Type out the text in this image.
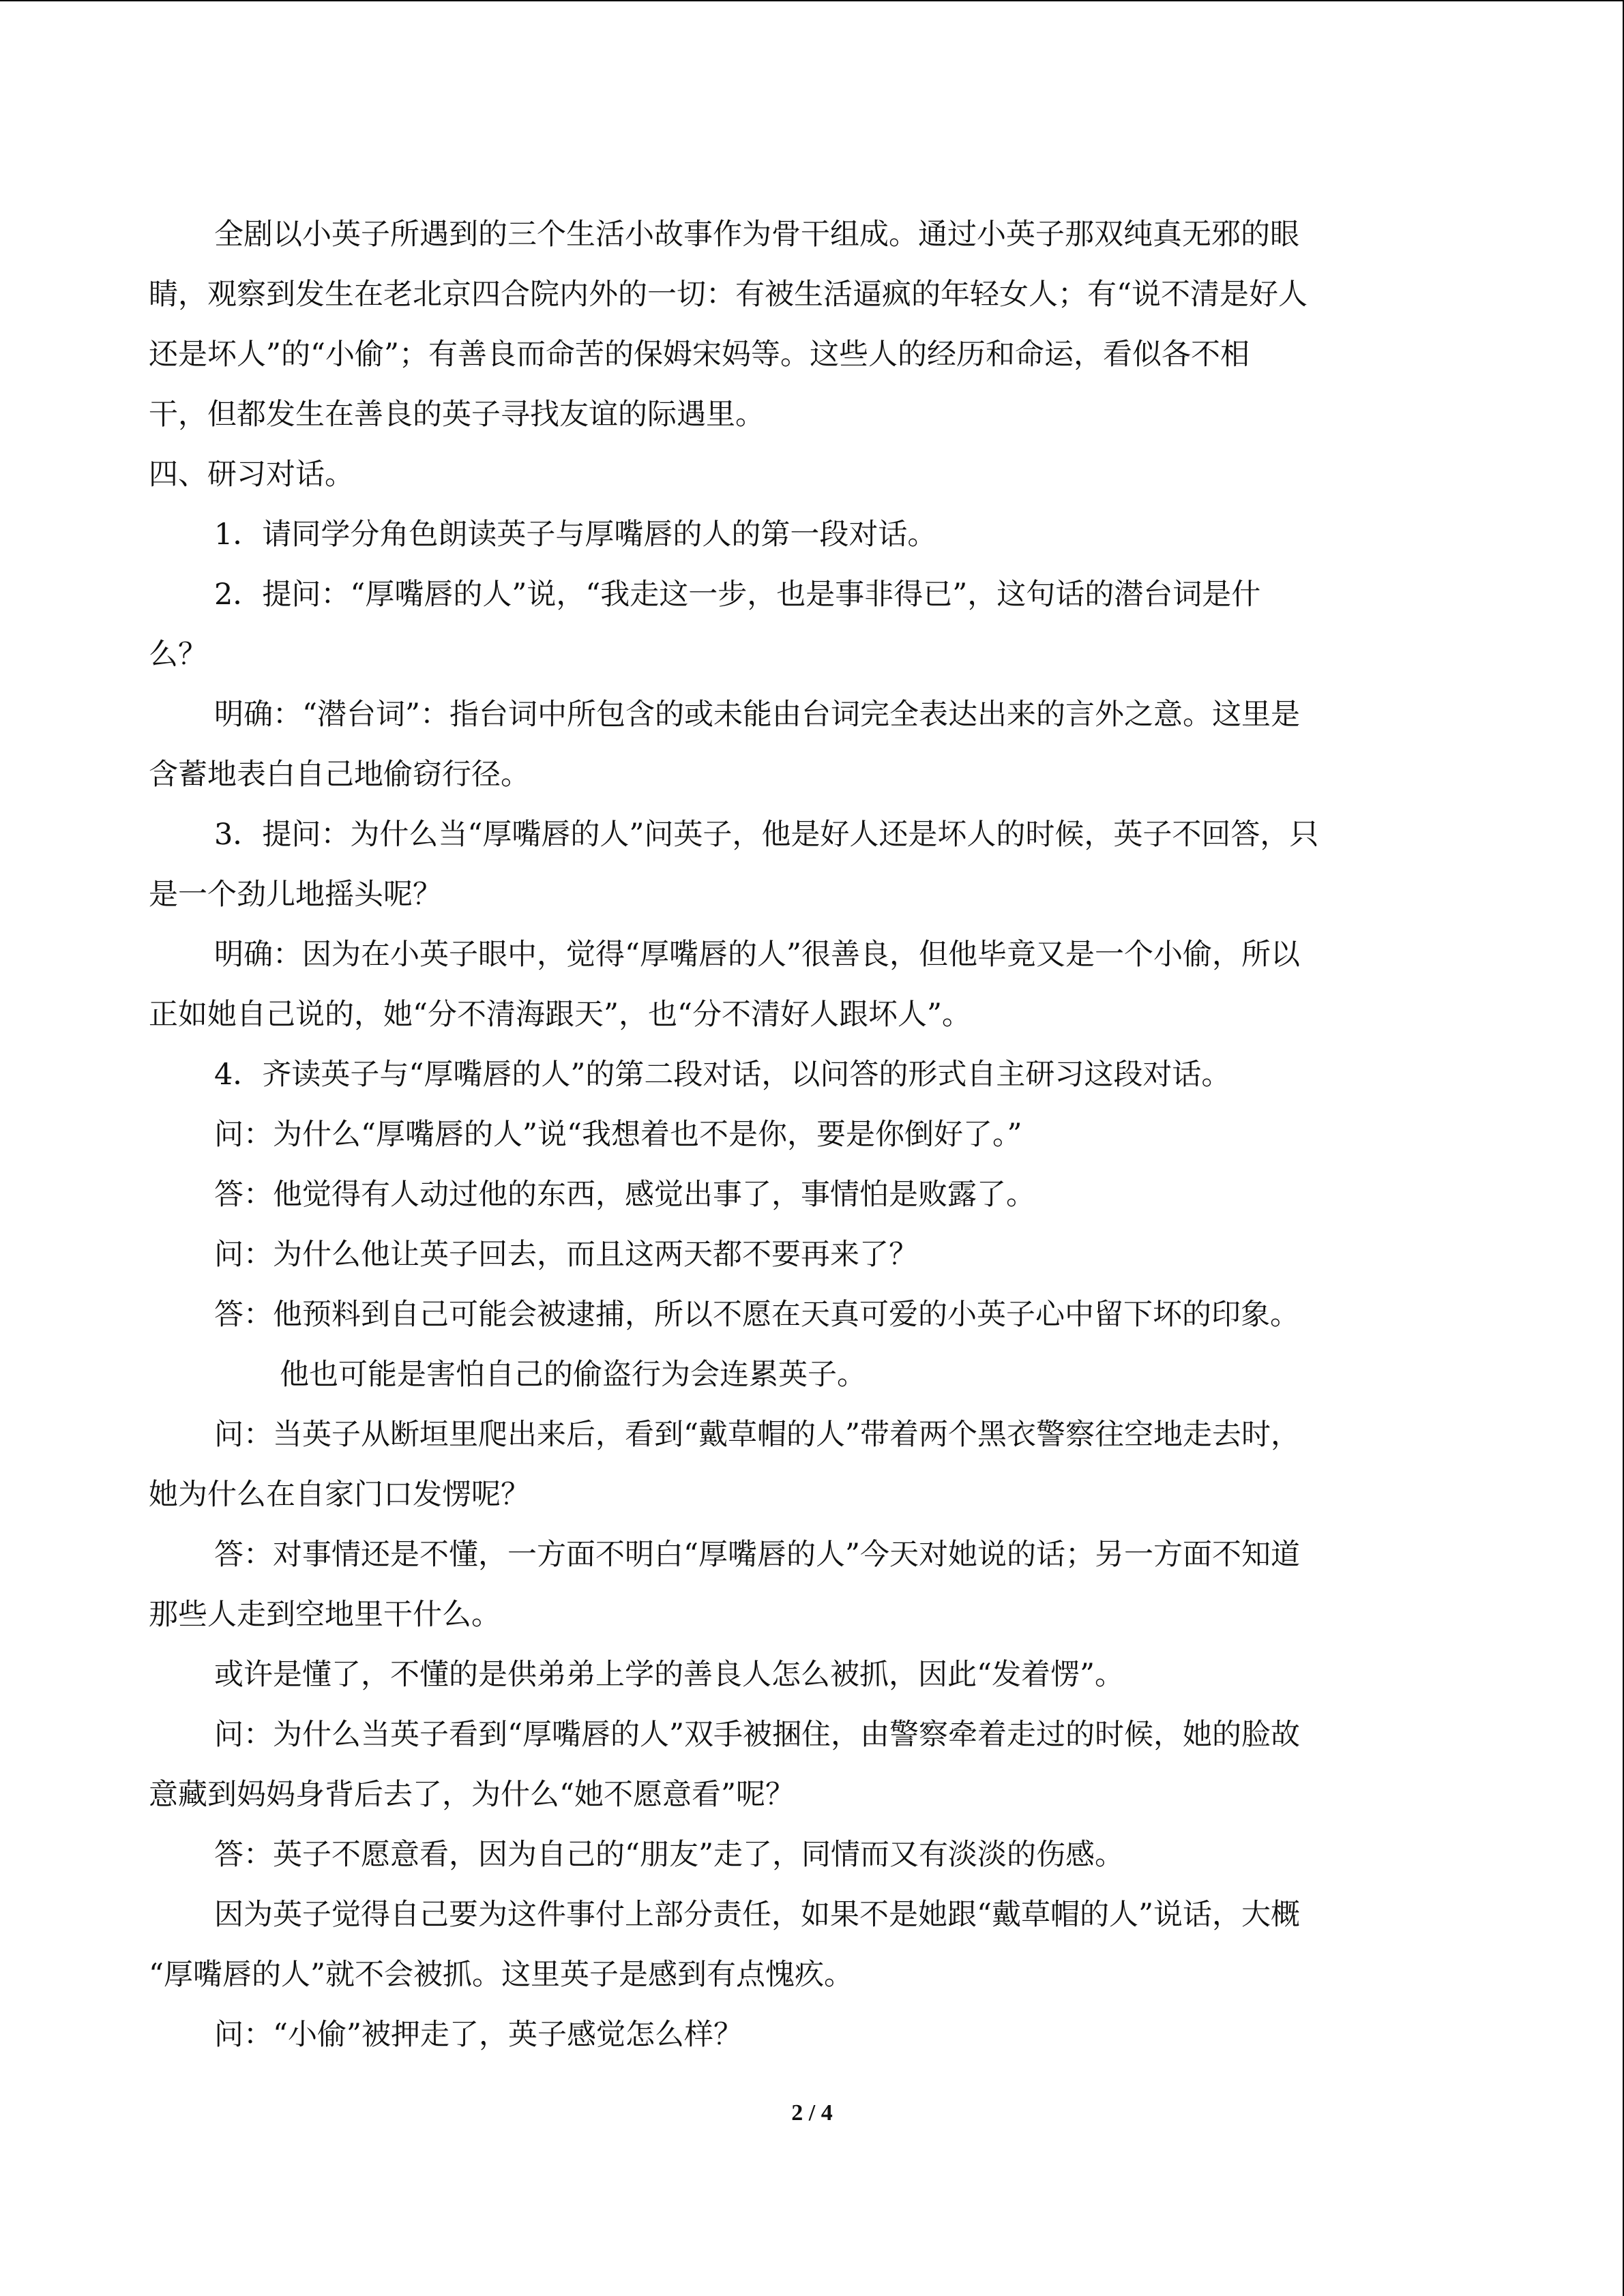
全剧以小英子所遇到的三个生活小故事作为骨干组成。通过小英子那双纯真无邪的眼
睛，观察到发生在老北京四合院内外的一切：有被生活逼疯的年轻女人；有“说不清是好人
还是坏人”的“小偷”；有善良而命苦的保姆宋妈等。这些人的经历和命运，看似各不相
干，但都发生在善良的英子寻找友谊的际遇里。
四、研习对话。
1．请同学分角色朗读英子与厚嘴唇的人的第一段对话。
2．提问：“厚嘴唇的人”说，“我走这一步，也是事非得已”，这句话的潜台词是什
么？
明确：“潜台词”：指台词中所包含的或未能由台词完全表达出来的言外之意。这里是
含蓄地表白自己地偷窃行径。
3．提问：为什么当“厚嘴唇的人”问英子，他是好人还是坏人的时候，英子不回答，只
是一个劲儿地摇头呢？
明确：因为在小英子眼中，觉得“厚嘴唇的人”很善良，但他毕竟又是一个小偷，所以
正如她自己说的，她“分不清海跟天”，也“分不清好人跟坏人”。
4．齐读英子与“厚嘴唇的人”的第二段对话，以问答的形式自主研习这段对话。
问：为什么“厚嘴唇的人”说“我想着也不是你，要是你倒好了。”
答：他觉得有人动过他的东西，感觉出事了，事情怕是败露了。
问：为什么他让英子回去，而且这两天都不要再来了？
答：他预料到自己可能会被逮捕，所以不愿在天真可爱的小英子心中留下坏的印象。
他也可能是害怕自己的偷盗行为会连累英子。
问：当英子从断垣里爬出来后，看到“戴草帽的人”带着两个黑衣警察往空地走去时，
她为什么在自家门口发愣呢？
答：对事情还是不懂，一方面不明白“厚嘴唇的人”今天对她说的话；另一方面不知道
那些人走到空地里干什么。
或许是懂了，不懂的是供弟弟上学的善良人怎么被抓，因此“发着愣”。
问：为什么当英子看到“厚嘴唇的人”双手被捆住，由警察牵着走过的时候，她的脸故
意藏到妈妈身背后去了，为什么“她不愿意看”呢？
答：英子不愿意看，因为自己的“朋友”走了，同情而又有淡淡的伤感。
因为英子觉得自己要为这件事付上部分责任，如果不是她跟“戴草帽的人”说话，大概
“厚嘴唇的人”就不会被抓。这里英子是感到有点愧疚。
问：“小偷”被押走了，英子感觉怎么样？
2 / 4
